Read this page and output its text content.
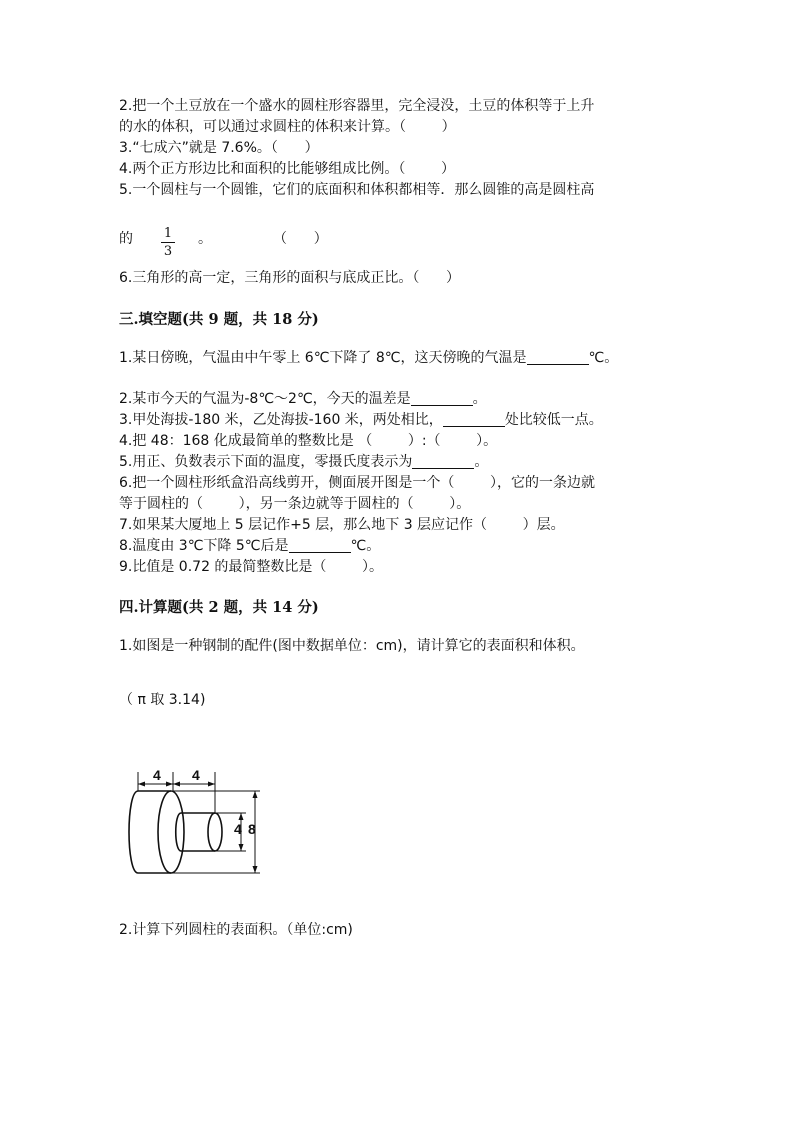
2.把一个土豆放在一个盛水的圆柱形容器里，完全浸没，土豆的体积等于上升
的水的体积，可以通过求圆柱的体积来计算。（        ）
3.“七成六”就是 7.6%。（      ）
4.两个正方形边比和面积的比能够组成比例。（        ）
5.一个圆柱与一个圆锥，它们的底面积和体积都相等．那么圆锥的高是圆柱高
的 1
3
。	（      ）
6.三角形的高一定，三角形的面积与底成正比。（      ）
三.填空题(共 9 题，共 18 分)
1.某日傍晚，气温由中午零上 6℃下降了 8℃，这天傍晚的气温是	℃。
2.某市今天的气温为-8℃～2℃，今天的温差是	。
3.甲处海拔-180 米，乙处海拔-160 米，两处相比，	处比较低一点。
4.把 48：168 化成最简单的整数比是 （        ）:（        ）。
5.用正、负数表示下面的温度，零摄氏度表示为	。
6.把一个圆柱形纸盒沿高线剪开，侧面展开图是一个（        ），它的一条边就
等于圆柱的（        ），另一条边就等于圆柱的（        ）。
7.如果某大厦地上 5 层记作+5 层，那么地下 3 层应记作（        ）层。
8.温度由 3℃下降 5℃后是	℃。
9.比值是 0.72 的最简整数比是（        ）。
四.计算题(共 2 题，共 14 分)
1.如图是一种钢制的配件(图中数据单位：cm)，请计算它的表面积和体积。
（ π 取 3.14)
4 4
4 8
2.计算下列圆柱的表面积。（单位:cm)
